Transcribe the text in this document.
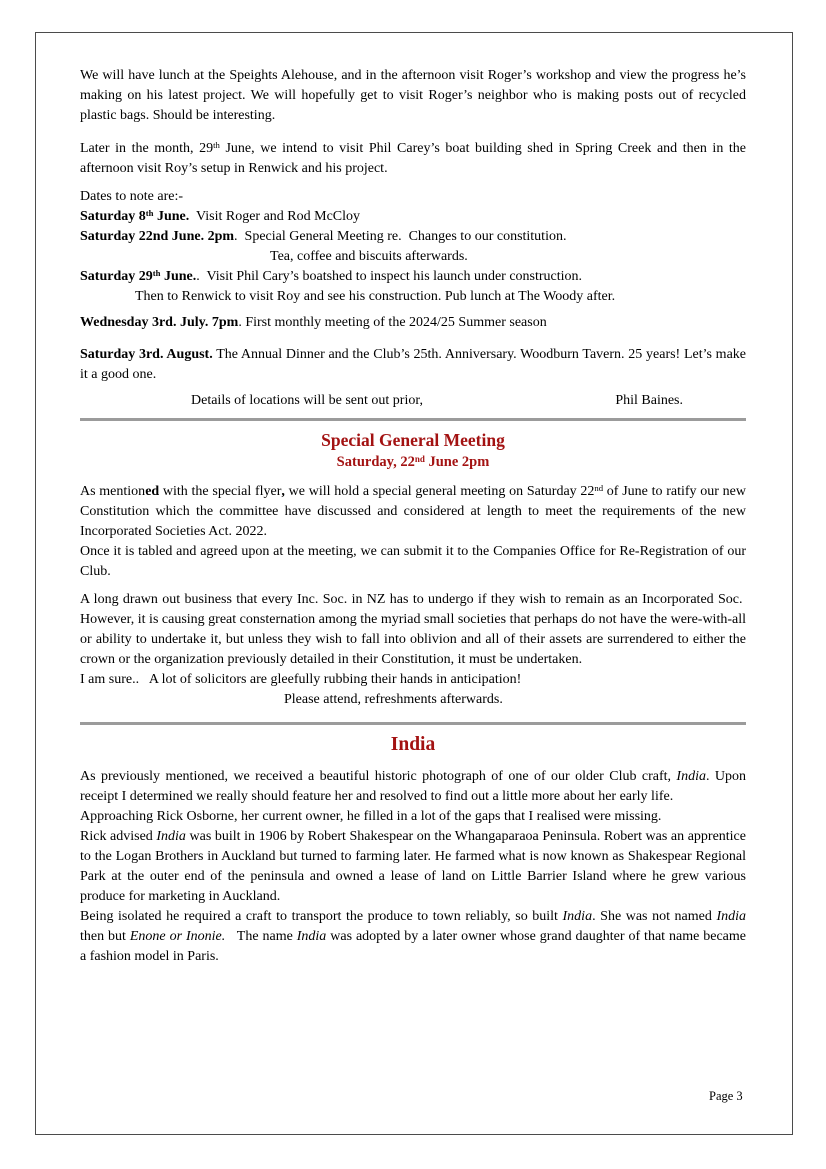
We will have lunch at the Speights Alehouse, and in the afternoon visit Roger’s workshop and view the progress he’s making on his latest project. We will hopefully get to visit Roger’s neighbor who is making posts out of recycled plastic bags. Should be interesting.

Later in the month, 29th June, we intend to visit Phil Carey’s boat building shed in Spring Creek and then in the afternoon visit Roy’s setup in Renwick and his project.

Dates to note are:-

Saturday 8th June.  Visit Roger and Rod McCloy

Saturday 22nd June. 2pm.  Special General Meeting re.  Changes to our constitution.

Tea, coffee and biscuits afterwards.

Saturday 29th June..  Visit Phil Cary’s boatshed to inspect his launch under construction.

Then to Renwick to visit Roy and see his construction. Pub lunch at The Woody after.

Wednesday 3rd. July. 7pm. First monthly meeting of the 2024/25 Summer season

Saturday 3rd. August. The Annual Dinner and the Club’s 25th. Anniversary. Woodburn Tavern. 25 years! Let’s make it a good one.

Details of locations will be sent out prior,	Phil Baines.
Special General Meeting
Saturday, 22nd June 2pm

As mentioned with the special flyer, we will hold a special general meeting on Saturday 22nd of June to ratify our new Constitution which the committee have discussed and considered at length to meet the requirements of the new Incorporated Societies Act. 2022.

Once it is tabled and agreed upon at the meeting, we can submit it to the Companies Office for Re-Registration of our Club.

A long drawn out business that every Inc. Soc. in NZ has to undergo if they wish to remain as an Incorporated Soc.  However, it is causing great consternation among the myriad small societies that perhaps do not have the were-with-all or ability to undertake it, but unless they wish to fall into oblivion and all of their assets are surrendered to either the crown or the organization previously detailed in their Constitution, it must be undertaken.

I am sure..   A lot of solicitors are gleefully rubbing their hands in anticipation!

Please attend, refreshments afterwards.

India

As previously mentioned, we received a beautiful historic photograph of one of our older Club craft, India. Upon receipt I determined we really should feature her and resolved to find out a little more about her early life.

Approaching Rick Osborne, her current owner, he filled in a lot of the gaps that I realised were missing.

Rick advised India was built in 1906 by Robert Shakespear on the Whangaparaoa Peninsula. Robert was an apprentice to the Logan Brothers in Auckland but turned to farming later. He farmed what is now known as Shakespear Regional Park at the outer end of the peninsula and owned a lease of land on Little Barrier Island where he grew various produce for marketing in Auckland.

Being isolated he required a craft to transport the produce to town reliably, so built India. She was not named India then but Enone or Inonie.   The name India was adopted by a later owner whose grand daughter of that name became a fashion model in Paris.

Page 3
